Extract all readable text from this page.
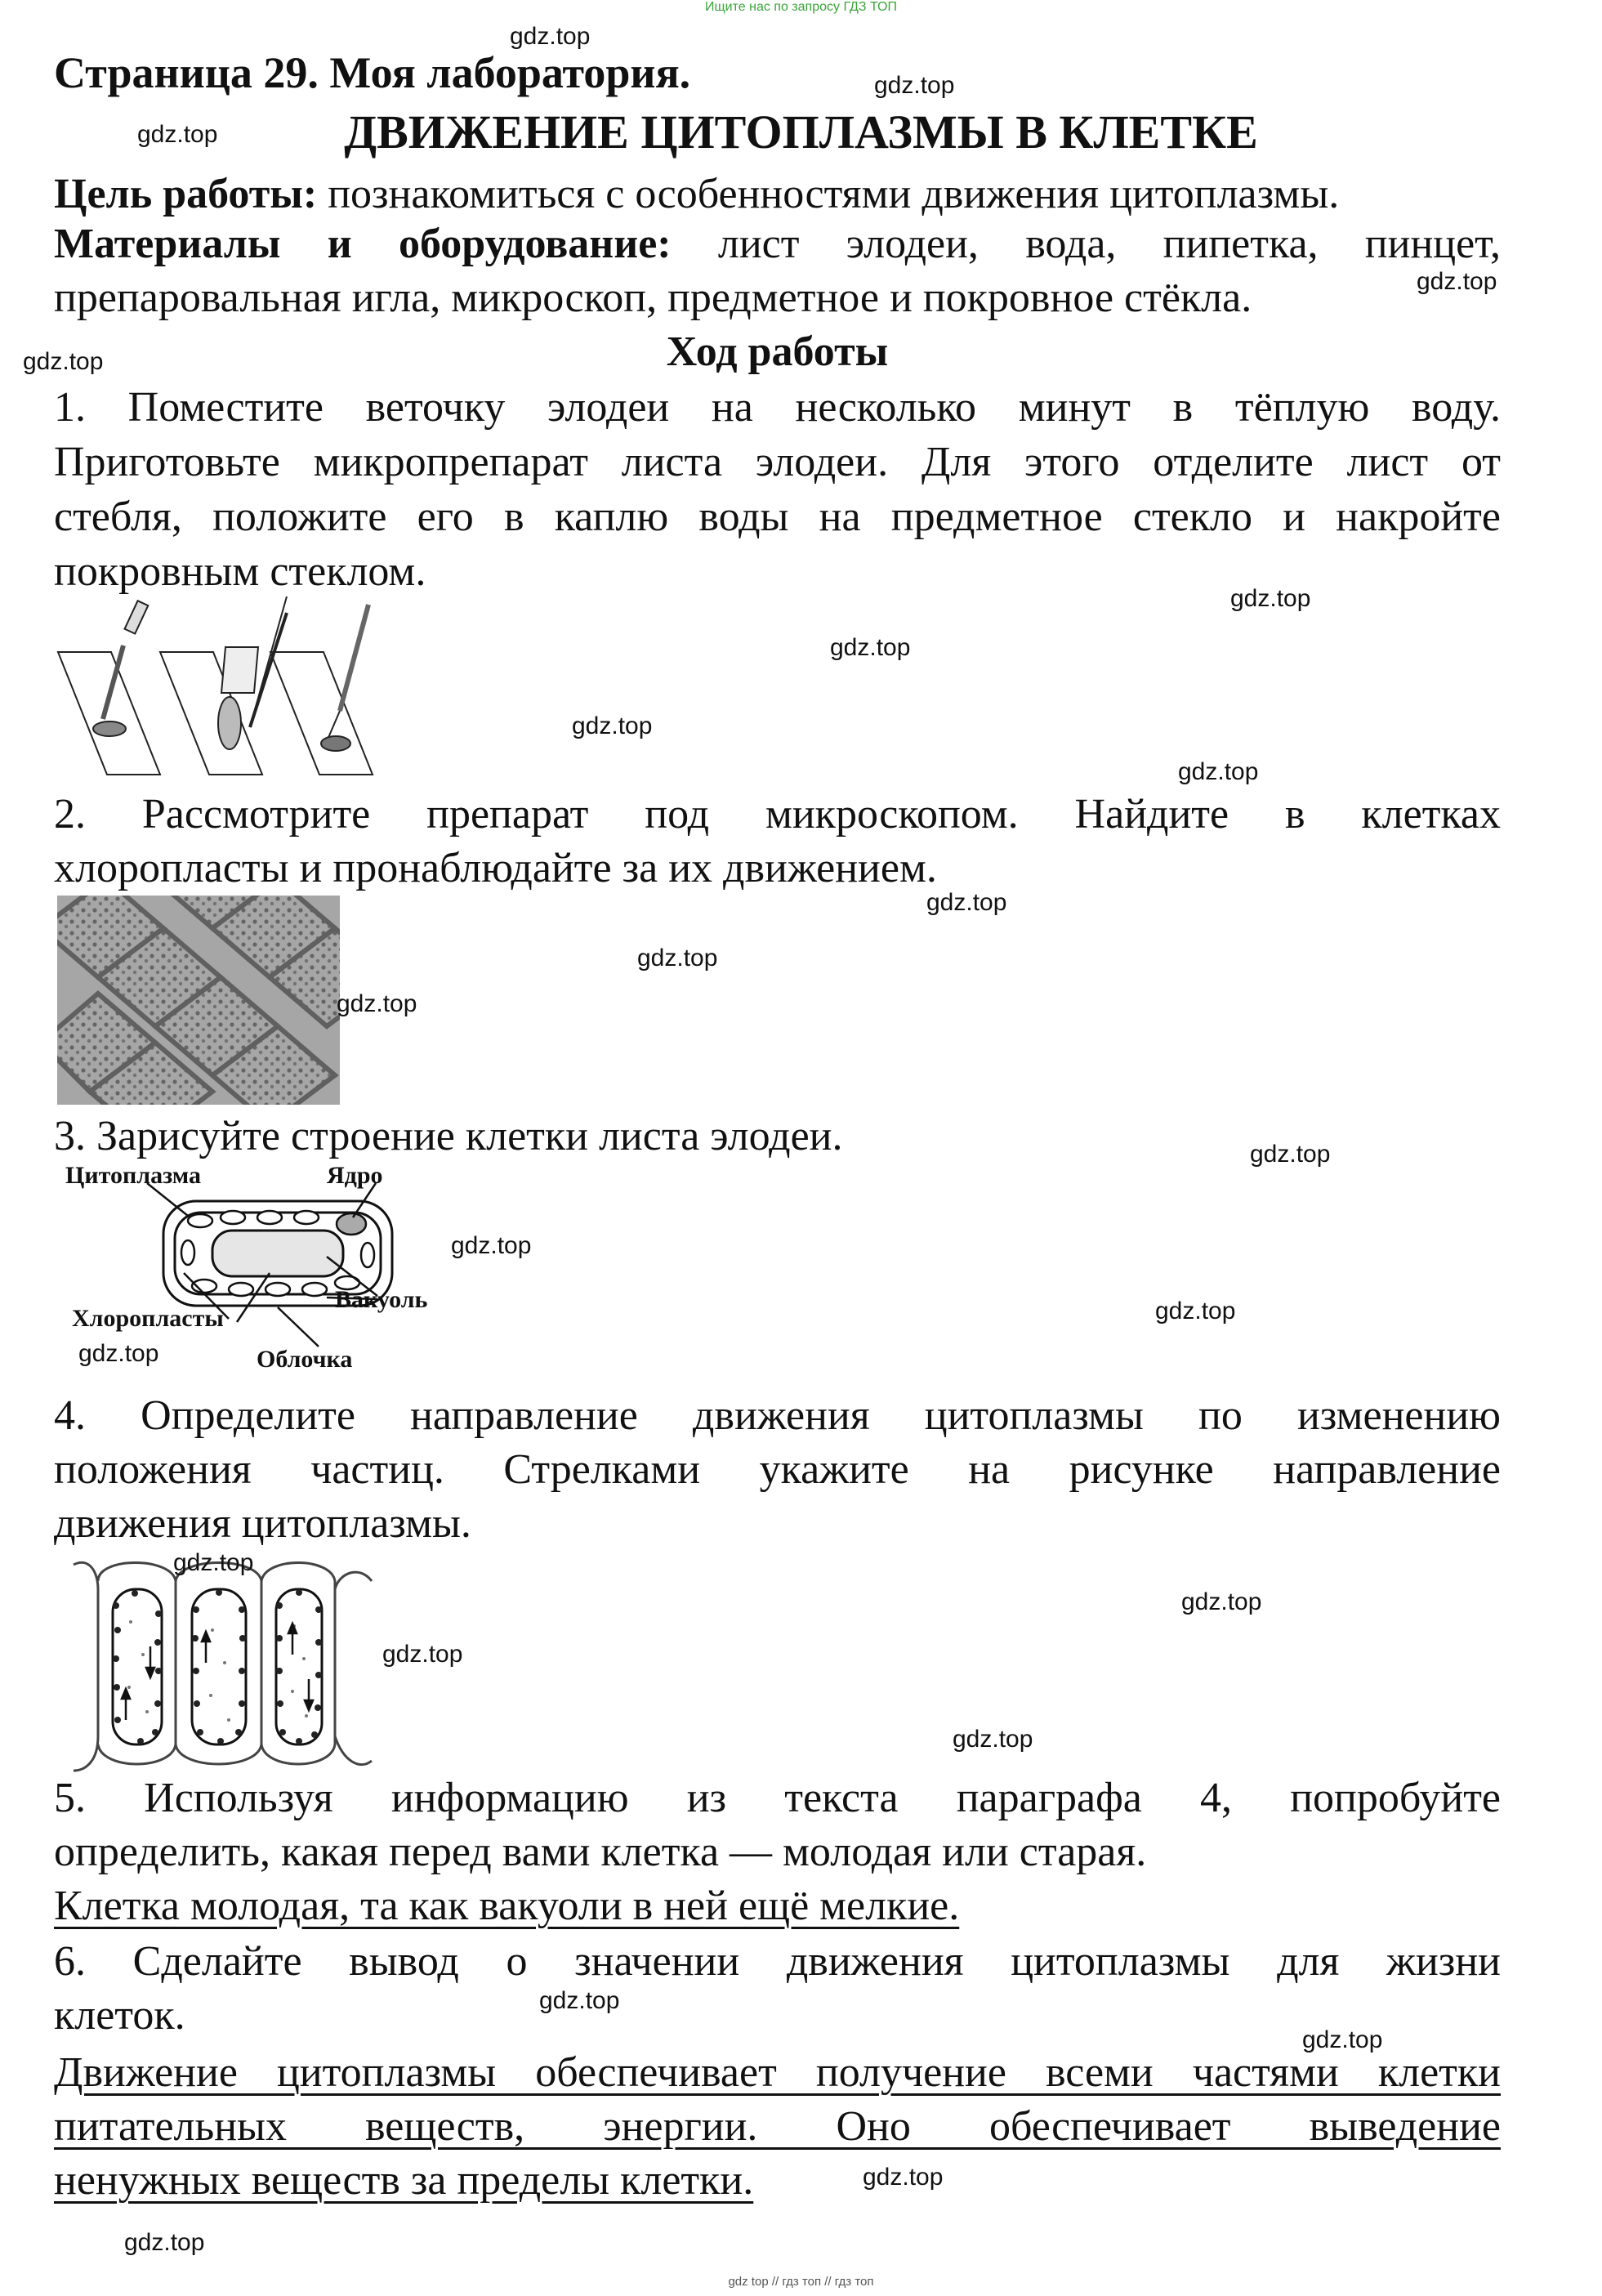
Ищите нас по запросу ГДЗ ТОП
Страница 29. Моя лаборатория.
ДВИЖЕНИЕ ЦИТОПЛАЗМЫ В КЛЕТКЕ
Цель работы: познакомиться с особенностями движения цитоплазмы.
Материалы и оборудование: лист элодеи, вода, пипетка, пинцет,
препаровальная игла, микроскоп, предметное и покровное стёкла.
Ход работы
1. Поместите веточку элодеи на несколько минут в тёплую воду.
Приготовьте микропрепарат листа элодеи. Для этого отделите лист от
стебля, положите его в каплю воды на предметное стекло и накройте
покровным стеклом.
2. Рассмотрите препарат под микроскопом. Найдите в клетках
хлоропласты и пронаблюдайте за их движением.
3. Зарисуйте строение клетки листа элодеи.
Цитоплазма	Ядро
Вакуоль
Хлоропласты
Облочка
4. Определите направление движения цитоплазмы по изменению
положения частиц. Стрелками укажите на рисунке направление
движения цитоплазмы.
5. Используя информацию из текста параграфа 4, попробуйте
определить, какая перед вами клетка — молодая или старая.
Клетка молодая, та как вакуоли в ней ещё мелкие.
6. Сделайте вывод о значении движения цитоплазмы для жизни
клеток.
Движение цитоплазмы обеспечивает получение всеми частями клетки
питательных веществ, энергии. Оно обеспечивает выведение
ненужных веществ за пределы клетки.
gdz.top
gdz.top
gdz.top
gdz.top
gdz.top
gdz.top
gdz.top
gdz.top
gdz.top
gdz.top
gdz.top
gdz.top
gdz.top
gdz.top
gdz.top
gdz.top
gdz.top
gdz.top
gdz.top
gdz.top
gdz.top
gdz.top
gdz.top
gdz.top
gdz top // гдз топ // гдз топ
